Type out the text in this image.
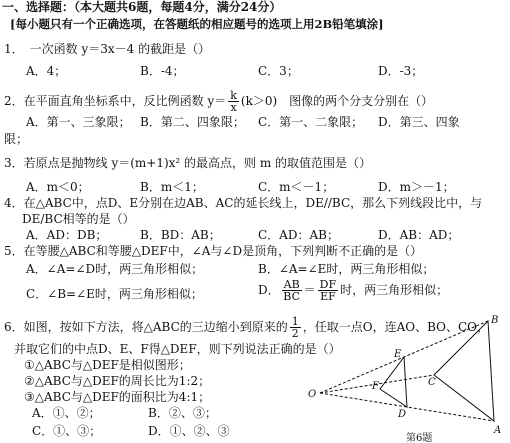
一、选择题：（本大题共6题，每题4分，满分24分）
[每小题只有一个正确选项，在答题纸的相应题号的选项上用2B铅笔填涂]
1．　一次函数 y＝3x－4 的截距是（）
A．4；	B．-4；	C．3；	D．-3；
2．在平面直角坐标系中，反比例函数 $y= \frac{k}{x} (k>0)$　图像的两个分支分别在（）
A．第一、三象限； B．第二、四象限； C．第一、二象限； D．第三、四象
限；
3．若原点是抛物线 y＝(m+1)x² 的最高点，则 m 的取值范围是（）
A．m＜0；	B．m＜1；	C．m＜－1；	D．m＞－1；
4．在△ABC中，点D、E分别在边AB、AC的延长线上，DE//BC，那么下列线段比中，与
DE/BC相等的是（）
A．AD：DB；	B．BD：AB；	C．AD：AB；	D．AB：AD；
5．在等腰△ABC和等腰△DEF中，∠A与∠D是顶角，下列判断不正确的是（）
A．∠A=∠D时，两三角形相似；	B．∠A=∠E时，两三角形相似；
C．∠B=∠E时，两三角形相似；	D． $\frac{AB}{BC} = \frac{DF}{EF}$ 时，两三角形相似；
6．如图，按如下方法，将△ABC的三边缩小到原来的 $\frac{1}{2}$ ，任取一点O，连AO、BO、CO，
并取它们的中点D、E、F得△DEF，则下列说法正确的是（）
①△ABC与△DEF是相似图形；
②△ABC与△DEF的周长比为1:2；
③△ABC与△DEF的面积比为4:1；
A．①、②；	B．②、③；
C．①、③；	D．①、②、③
O
A
B
C
D
E
F
第6题
